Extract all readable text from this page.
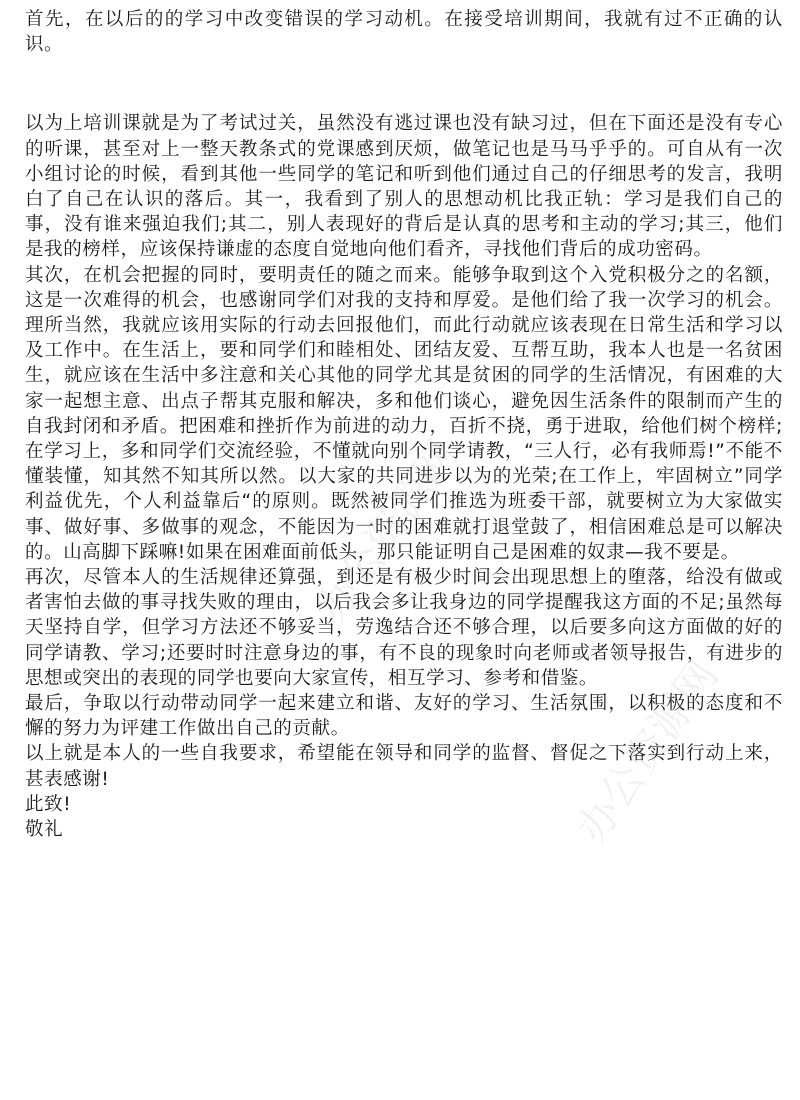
首先，在以后的的学习中改变错误的学习动机。在接受培训期间，我就有过不正确的认识。

以为上培训课就是为了考试过关，虽然没有逃过课也没有缺习过，但在下面还是没有专心的听课，甚至对上一整天教条式的党课感到厌烦，做笔记也是马马乎乎的。可自从有一次小组讨论的时候，看到其他一些同学的笔记和听到他们通过自己的仔细思考的发言，我明白了自己在认识的落后。其一，我看到了别人的思想动机比我正轨：学习是我们自己的事，没有谁来强迫我们;其二，别人表现好的背后是认真的思考和主动的学习;其三，他们是我的榜样，应该保持谦虚的态度自觉地向他们看齐，寻找他们背后的成功密码。

其次，在机会把握的同时，要明责任的随之而来。能够争取到这个入党积极分之的名额，这是一次难得的机会，也感谢同学们对我的支持和厚爱。是他们给了我一次学习的机会。理所当然，我就应该用实际的行动去回报他们，而此行动就应该表现在日常生活和学习以及工作中。在生活上，要和同学们和睦相处、团结友爱、互帮互助，我本人也是一名贫困生，就应该在生活中多注意和关心其他的同学尤其是贫困的同学的生活情况，有困难的大家一起想主意、出点子帮其克服和解决，多和他们谈心，避免因生活条件的限制而产生的自我封闭和矛盾。把困难和挫折作为前进的动力，百折不挠，勇于进取，给他们树个榜样;在学习上，多和同学们交流经验，不懂就向别个同学请教，“三人行，必有我师焉!”不能不懂装懂，知其然不知其所以然。以大家的共同进步以为的光荣;在工作上，牢固树立”同学利益优先，个人利益靠后“的原则。既然被同学们推选为班委干部，就要树立为大家做实事、做好事、多做事的观念，不能因为一时的困难就打退堂鼓了，相信困难总是可以解决的。山高脚下踩嘛!如果在困难面前低头，那只能证明自己是困难的奴隶—我不要是。

再次，尽管本人的生活规律还算强，到还是有极少时间会出现思想上的堕落，给没有做或者害怕去做的事寻找失败的理由，以后我会多让我身边的同学提醒我这方面的不足;虽然每天坚持自学，但学习方法还不够妥当，劳逸结合还不够合理，以后要多向这方面做的好的同学请教、学习;还要时时注意身边的事，有不良的现象时向老师或者领导报告，有进步的思想或突出的表现的同学也要向大家宣传，相互学习、参考和借鉴。

最后，争取以行动带动同学一起来建立和谐、友好的学习、生活氛围，以积极的态度和不懈的努力为评建工作做出自己的贡献。

以上就是本人的一些自我要求，希望能在领导和同学的监督、督促之下落实到行动上来，甚表感谢!

此致!

敬礼

办公资源网
办公资源网
